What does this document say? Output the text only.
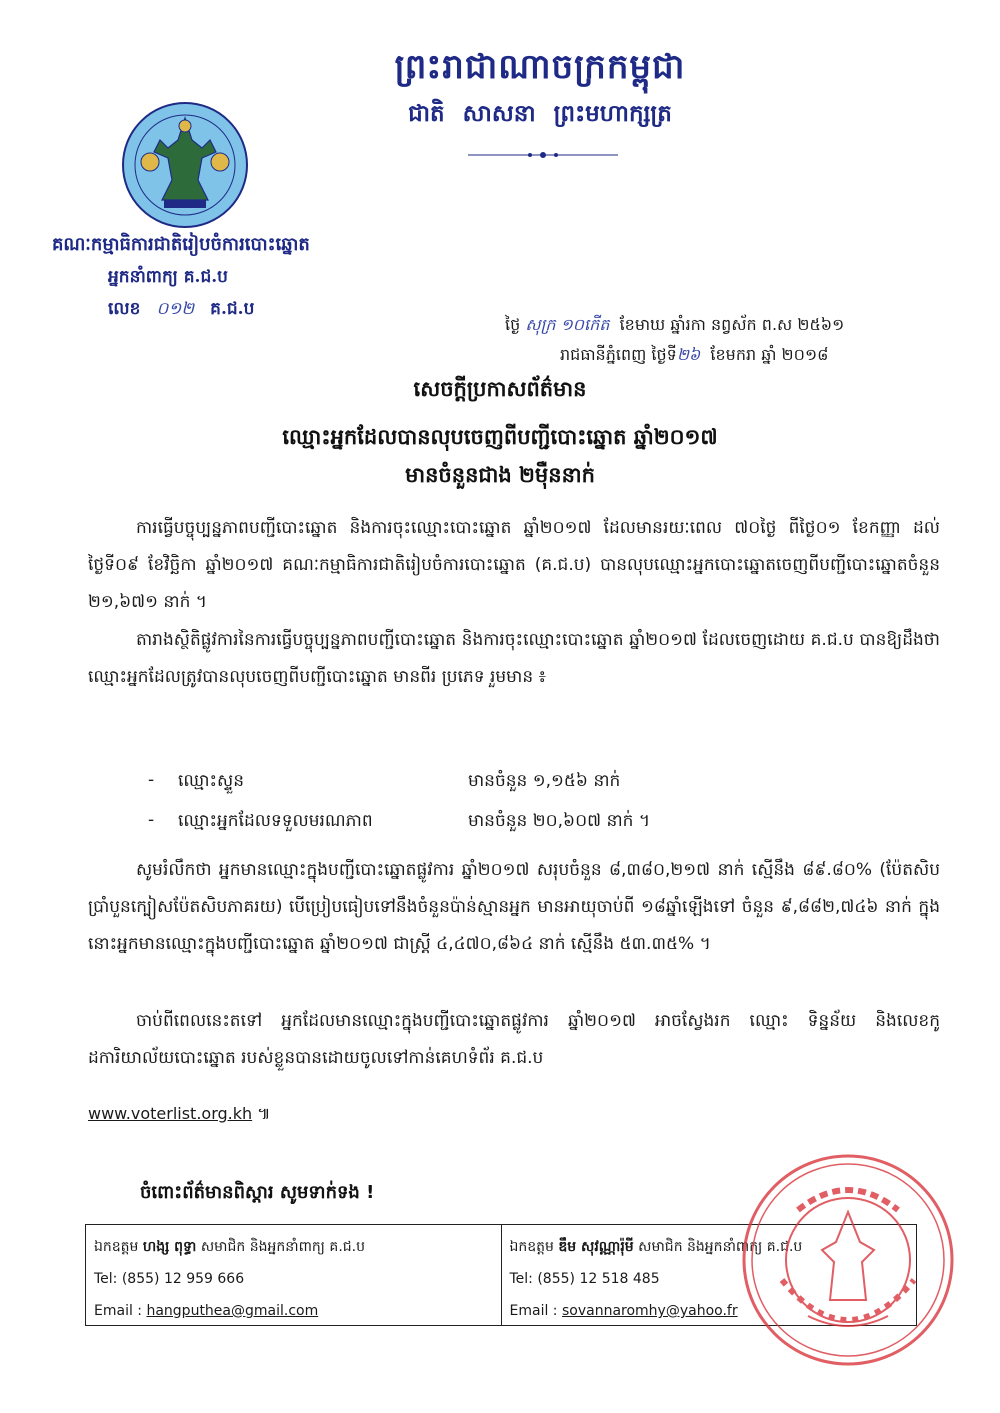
ព្រះរាជាណាចក្រកម្ពុជា
ជាតិ សាសនា ព្រះមហាក្សត្រ
គណៈកម្មាធិការជាតិរៀបចំការបោះឆ្នោត
អ្នកនាំពាក្យ គ.ជ.ប
លេខ ០១២ គ.ជ.ប
ថ្ងៃ សុក្រ ១០កើត ខែមាឃ ឆ្នាំរកា នព្វស័ក ព.ស ២៥៦១
រាជធានីភ្នំពេញ ថ្ងៃទី២៦ ខែមករា ឆ្នាំ ២០១៨
សេចក្តីប្រកាសព័ត៌មាន
ឈ្មោះអ្នកដែលបានលុបចេញពីបញ្ជីបោះឆ្នោត ឆ្នាំ២០១៧
មានចំនួនជាង ២ម៉ឺននាក់
ការធ្វើបច្ចុប្បន្នភាពបញ្ជីបោះឆ្នោត និងការចុះឈ្មោះបោះឆ្នោត ឆ្នាំ២០១៧ ដែលមានរយៈពេល ៧០ថ្ងៃ ពីថ្ងៃ០១ ខែកញ្ញា ដល់ថ្ងៃទី០៩ ខែវិច្ឆិកា ឆ្នាំ២០១៧ គណៈកម្មាធិការជាតិរៀបចំការបោះឆ្នោត (គ.ជ.ប) បានលុបឈ្មោះអ្នកបោះឆ្នោតចេញពីបញ្ជីបោះឆ្នោតចំនួន ២១,៦៧១ នាក់ ។
តារាងស្ថិតិផ្លូវការនៃការធ្វើបច្ចុប្បន្នភាពបញ្ជីបោះឆ្នោត និងការចុះឈ្មោះបោះឆ្នោត ឆ្នាំ២០១៧ ដែលចេញដោយ គ.ជ.ប បានឱ្យដឹងថា ឈ្មោះអ្នកដែលត្រូវបានលុបចេញពីបញ្ជីបោះឆ្នោត មានពីរ ប្រភេទ រួមមាន ៖
- ឈ្មោះស្ទួន	មានចំនួន ១,១៥៦ នាក់
- ឈ្មោះអ្នកដែលទទួលមរណភាព	មានចំនួន ២០,៦០៧ នាក់ ។
សូមរំលឹកថា អ្នកមានឈ្មោះក្នុងបញ្ជីបោះឆ្នោតផ្លូវការ ឆ្នាំ២០១៧ សរុបចំនួន ៨,៣៨០,២១៧ នាក់ ស្មើនឹង ៨៩.៨០% (ប៉ែតសិបប្រាំបួនក្បៀសប៉ែតសិបភាគរយ) បើប្រៀបធៀបទៅនឹងចំនួនប៉ាន់ស្មានអ្នក មានអាយុចាប់ពី ១៨ឆ្នាំឡើងទៅ ចំនួន ៩,៨៨២,៧៤៦ នាក់ ក្នុងនោះអ្នកមានឈ្មោះក្នុងបញ្ជីបោះឆ្នោត ឆ្នាំ២០១៧ ជាស្ត្រី ៤,៤៧០,៨៦៤ នាក់ ស្មើនឹង ៥៣.៣៥% ។
ចាប់ពីពេលនេះតទៅ អ្នកដែលមានឈ្មោះក្នុងបញ្ជីបោះឆ្នោតផ្លូវការ ឆ្នាំ២០១៧ អាចស្វែងរក ឈ្មោះ ទិន្នន័យ និងលេខកូដការិយាល័យបោះឆ្នោត របស់ខ្លួនបានដោយចូលទៅកាន់គេហទំព័រ គ.ជ.ប
www.voterlist.org.kh ៕
ចំពោះព័ត៌មានពិស្តារ សូមទាក់ទង !
ឯកឧត្តម ហង្ស ពុទ្ធា សមាជិក និងអ្នកនាំពាក្យ គ.ជ.ប
Tel: (855) 12 959 666
Email : hangputhea@gmail.com
ឯកឧត្តម ឌឹម សុវណ្ណារ៉ុមី សមាជិក និងអ្នកនាំពាក្យ គ.ជ.ប
Tel: (855) 12 518 485
Email : sovannaromhy@yahoo.fr
